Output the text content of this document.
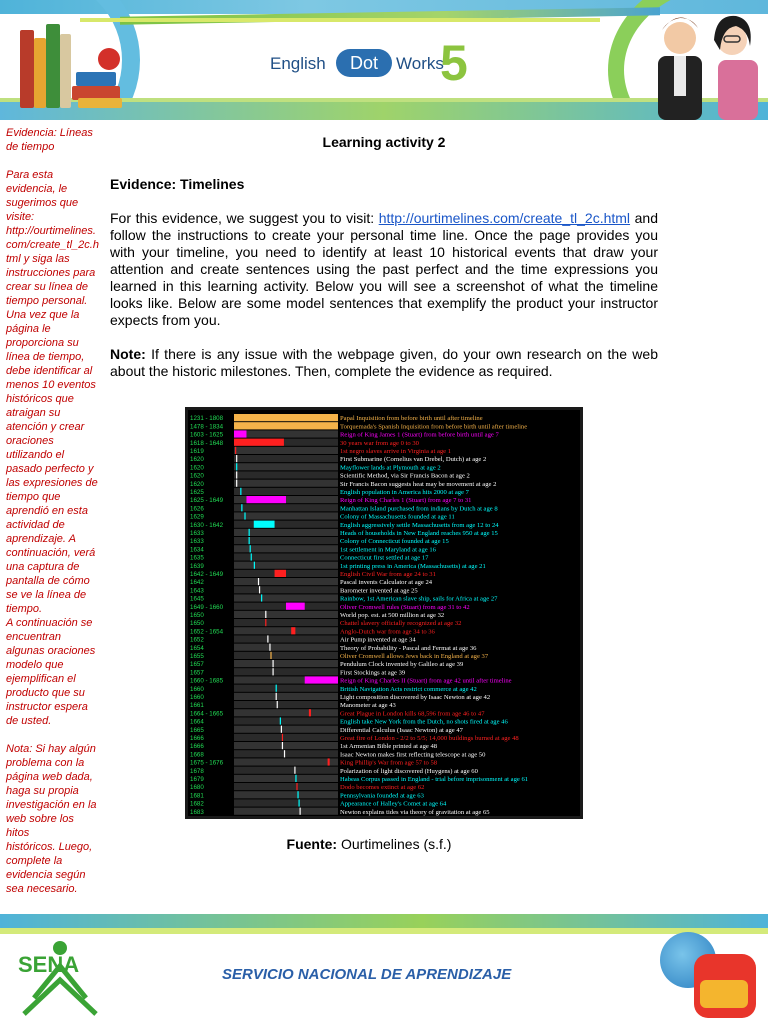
English	Dot	Works
5

Evidencia: Líneas
de tiempo

Para esta
evidencia, le
sugerimos que
visite:
http://ourtimelines.
com/create_tl_2c.h
tml y siga las
instrucciones para
crear su línea de
tiempo personal.
Una vez que la
página le
proporciona su
línea de tiempo,
debe identificar al
menos 10 eventos
históricos que
atraigan su
atención y crear
oraciones
utilizando el
pasado perfecto y
las expresiones de
tiempo que
aprendió en esta
actividad de
aprendizaje. A
continuación, verá
una captura de
pantalla de cómo
se ve la línea de
tiempo.
A continuación se
encuentran
algunas oraciones
modelo que
ejemplifican el
producto que su
instructor espera
de usted.

Nota: Si hay algún
problema con la
página web dada,
haga su propia
investigación en la
web sobre los hitos
históricos. Luego,
complete la
evidencia según
sea necesario.

Learning activity 2
Evidence: Timelines

For this evidence, we suggest you to visit: http://ourtimelines.com/create_tl_2c.html and follow the instructions to create your personal time line. Once the page provides you with your timeline, you need to identify at least 10 historical events that draw your attention and create sentences using the past perfect and the time expressions you learned in this learning activity. Below you will see a screenshot of what the timeline looks like. Below are some model sentences that exemplify the product your instructor expects from you.

Note: If there is any issue with the webpage given, do your own research on the web about the historic milestones. Then, complete the evidence as required.

1231 - 1808	Papal Inquisition from before birth until after timeline
1478 - 1834	Torquemada's Spanish Inquisition from before birth until after timeline
1603 - 1625	Reign of King James 1 (Stuart) from before birth until age 7
1618 - 1648	30 years war from age 0 to 30
1619	1st negro slaves arrive in Virginia at age 1
1620	First Submarine (Cornelius van Drebel, Dutch) at age 2
1620	Mayflower lands at Plymouth at age 2
1620	Scientific Method, via Sir Francis Bacon at age 2
1620	Sir Francis Bacon suggests heat may be movement at age 2
1625	English population in America hits 2000 at age 7
1625 - 1649	Reign of King Charles 1 (Stuart) from age 7 to 31
1626	Manhattan Island purchased from indians by Dutch at age 8
1629	Colony of Massachusetts founded at age 11
1630 - 1642	English aggressively settle Massachusetts from age 12 to 24
1633	Heads of households in New England reaches 950 at age 15
1633	Colony of Connecticut founded at age 15
1634	1st settlement in Maryland at age 16
1635	Connecticut first settled at age 17
1639	1st printing press in America (Massachusetts) at age 21
1642 - 1649	English Civil War from age 24 to 31
1642	Pascal invents Calculator at age 24
1643	Barometer invented at age 25
1645	Rainbow, 1st American slave ship, sails for Africa at age 27
1649 - 1660	Oliver Cromwell rules (Stuart) from age 31 to 42
1650	World pop. est. at 500 million at age 32
1650	Chattel slavery officially recognized at age 32
1652 - 1654	Anglo-Dutch war from age 34 to 36
1652	Air Pump invented at age 34
1654	Theory of Probability - Pascal and Fermat at age 36
1655	Oliver Cromwell allows Jews back in England at age 37
1657	Pendulum Clock invented by Galileo at age 39
1657	First Stockings at age 39
1660 - 1685	Reign of King Charles II (Stuart) from age 42 until after timeline
1660	British Navigation Acts restrict commerce at age 42
1660	Light composition discovered by Isaac Newton at age 42
1661	Manometer at age 43
1664 - 1665	Great Plague in London kills 68,596 from age 46 to 47
1664	English take New York from the Dutch, no shots fired at age 46
1665	Differential Calculus (Isaac Newton) at age 47
1666	Great fire of London - 2/2 to 5/5; 14,000 buildings burned at age 48
1666	1st Armenian Bible printed at age 48
1668	Isaac Newton makes first reflecting telescope at age 50
1675 - 1676	King Phillip's War from age 57 to 58
1678	Polarization of light discovered (Huygens) at age 60
1679	Habeas Corpus passed in England - trial before imprisonment at age 61
1680	Dodo becomes extinct at age 62
1681	Pennsylvania founded at age 63
1682	Appearance of Halley's Comet at age 64
1683	Newton explains tides via theory of gravitation at age 65
Fuente: Ourtimelines (s.f.)
SENA	SERVICIO NACIONAL DE APRENDIZAJE
